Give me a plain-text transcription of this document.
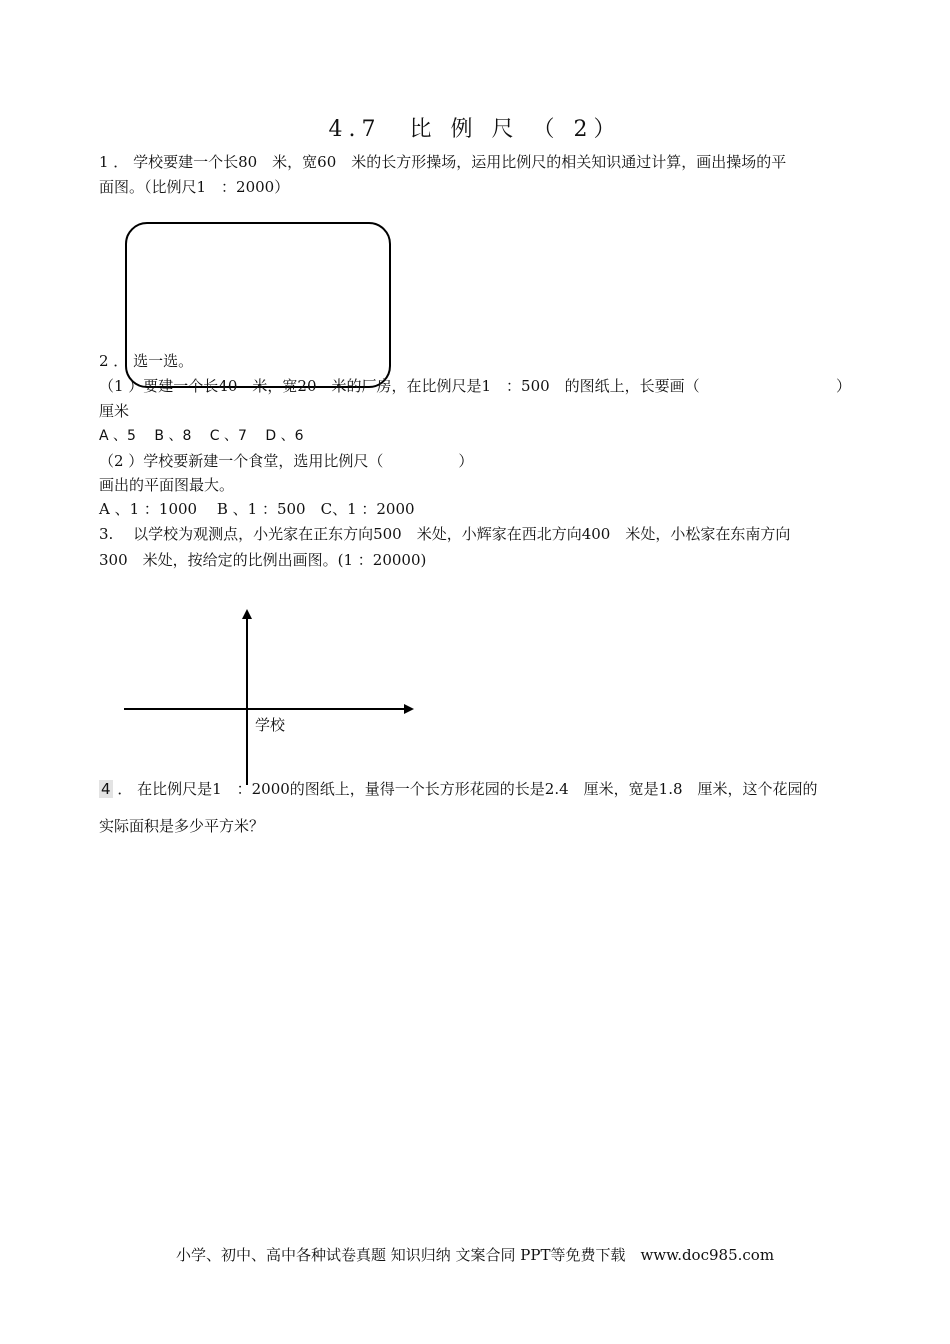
4.7　比 例 尺 （ 2）
1 ． 学校要建一个长80　米，宽60　米的长方形操场，运用比例尺的相关知识通过计算，画出操场的平
面图。（比例尺1　：2000）
2 ． 选一选。
（1 ）要建一个长40　米，宽20　米的厂房，在比例尺是1　：500　的图纸上，长要画（	）
厘米
A 、5　 B 、8　 C 、7　 D 、6
（2 ）学校要新建一个食堂，选用比例尺（　　　　　）
画出的平面图最大。
A 、1 ：1000　 B 、1 ：500　C、1 ：2000
3.　 以学校为观测点，小光家在正东方向500　米处，小辉家在西北方向400　米处，小松家在东南方向
300　米处，按给定的比例出画图。(1 ：20000)
学校
4 ． 在比例尺是1　：2000的图纸上，量得一个长方形花园的长是2.4　厘米，宽是1.8　厘米，这个花园的
实际面积是多少平方米？
小学、初中、高中各种试卷真题 知识归纳 文案合同 PPT等免费下载　www.doc985.com
